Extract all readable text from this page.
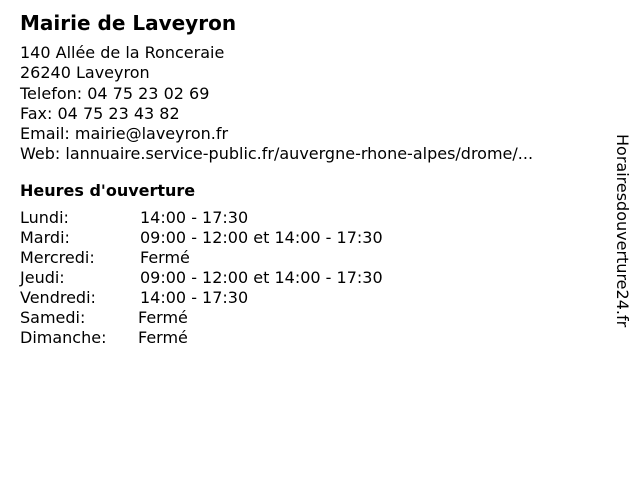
Mairie de Laveyron
140 Allée de la Ronceraie
26240 Laveyron
Telefon: 04 75 23 02 69
Fax: 04 75 23 43 82
Email: mairie@laveyron.fr
Web: lannuaire.service-public.fr/auvergne-rhone-alpes/drome/...
Heures d'ouverture
Lundi:	14:00 - 17:30
Mardi:	09:00 - 12:00 et 14:00 - 17:30
Mercredi:	Fermé
Jeudi:	09:00 - 12:00 et 14:00 - 17:30
Vendredi:	14:00 - 17:30
Samedi:	Fermé
Dimanche:	Fermé
Horairesdouverture24.fr
